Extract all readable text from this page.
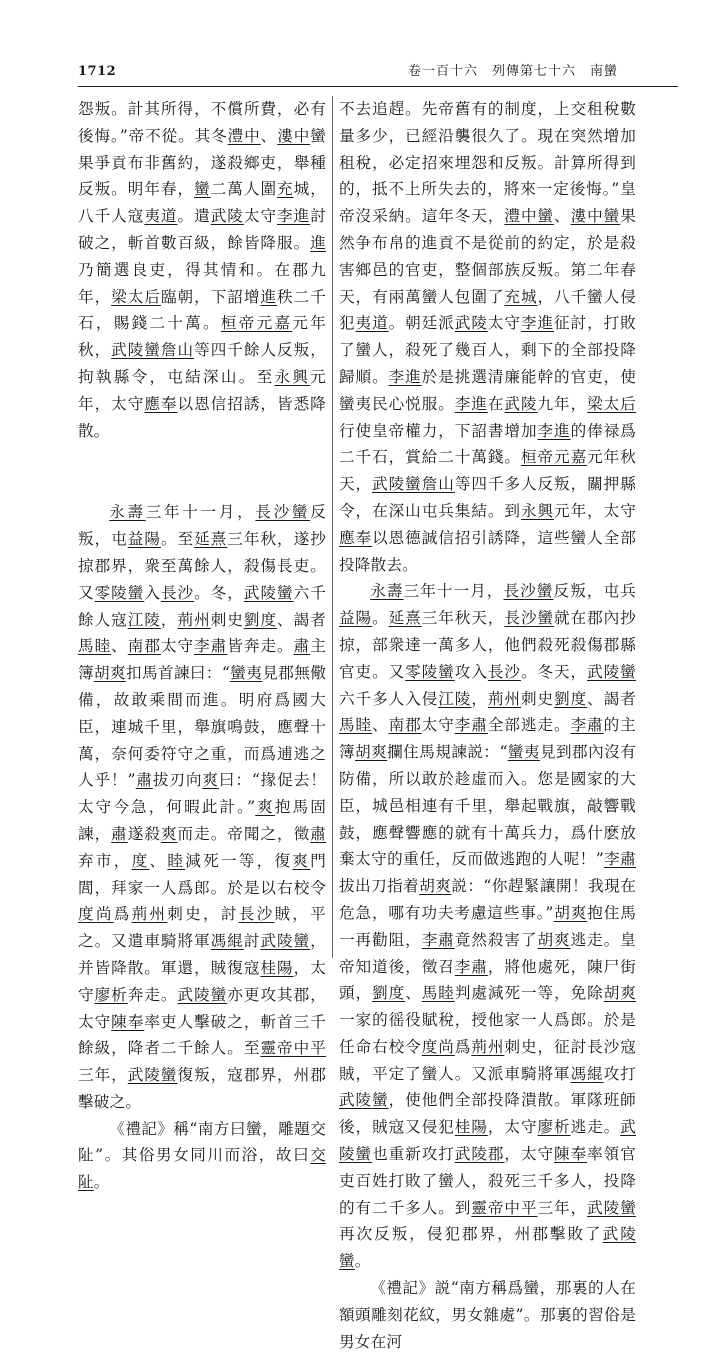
1712	卷一百十六　列傳第七十六　南蠻

怨叛。計其所得，不償所費，必有後悔。”帝不從。其冬澧中、漊中蠻果爭貢布非舊約，遂殺鄉吏，舉種反叛。明年春，蠻二萬人圍充城，八千人寇夷道。遣武陵太守李進討破之，斬首數百級，餘皆降服。進乃簡選良吏，得其情和。在郡九年，梁太后臨朝，下詔增進秩二千石，賜錢二十萬。桓帝元嘉元年秋，武陵蠻詹山等四千餘人反叛，拘執縣令，屯結深山。至永興元年，太守應奉以恩信招誘，皆悉降散。

永壽三年十一月，長沙蠻反叛，屯益陽。至延熹三年秋，遂抄掠郡界，衆至萬餘人，殺傷長吏。又零陵蠻入長沙。冬，武陵蠻六千餘人寇江陵，荊州刺史劉度、謁者馬睦、南郡太守李肅皆奔走。肅主簿胡爽扣馬首諫曰：“蠻夷見郡無儆備，故敢乘間而進。明府爲國大臣，連城千里，舉旗鳴鼓，應聲十萬，奈何委符守之重，而爲逋逃之人乎！”肅拔刃向爽曰：“掾促去！太守今急，何暇此計。”爽抱馬固諫，肅遂殺爽而走。帝聞之，徵肅弃市，度、睦減死一等，復爽門閭，拜家一人爲郎。於是以右校令度尚爲荊州刺史，討長沙賊，平之。又遣車騎將軍馮緄討武陵蠻，并皆降散。軍還，賊復寇桂陽，太守廖析奔走。武陵蠻亦更攻其郡，太守陳奉率吏人擊破之，斬首三千餘級，降者二千餘人。至靈帝中平三年，武陵蠻復叛，寇郡界，州郡擊破之。

《禮記》稱“南方曰蠻，雕題交阯”。其俗男女同川而浴，故曰交阯。

不去追趕。先帝舊有的制度，上交租稅數量多少，已經沿襲很久了。現在突然增加租稅，必定招來埋怨和反叛。計算所得到的，抵不上所失去的，將來一定後悔。”皇帝沒采納。這年冬天，澧中蠻、漊中蠻果然争布帛的進貢不是從前的約定，於是殺害鄉邑的官吏，整個部族反叛。第二年春天，有兩萬蠻人包圍了充城，八千蠻人侵犯夷道。朝廷派武陵太守李進征討，打敗了蠻人，殺死了幾百人，剩下的全部投降歸順。李進於是挑選清廉能幹的官吏，使蠻夷民心悦服。李進在武陵九年，梁太后行使皇帝權力，下詔書增加李進的俸禄爲二千石，賞給二十萬錢。桓帝元嘉元年秋天，武陵蠻詹山等四千多人反叛，關押縣令，在深山屯兵集結。到永興元年，太守應奉以恩德誠信招引誘降，這些蠻人全部投降散去。

永壽三年十一月，長沙蠻反叛，屯兵益陽。延熹三年秋天，長沙蠻就在郡內抄掠，部衆達一萬多人，他們殺死殺傷郡縣官吏。又零陵蠻攻入長沙。冬天，武陵蠻六千多人入侵江陵，荊州刺史劉度、謁者馬睦、南郡太守李肅全部逃走。李肅的主簿胡爽攔住馬規諫説：“蠻夷見到郡內沒有防備，所以敢於趁虛而入。您是國家的大臣，城邑相連有千里，舉起戰旗，敲響戰鼓，應聲響應的就有十萬兵力，爲什麽放棄太守的重任，反而做逃跑的人呢！”李肅拔出刀指着胡爽説：“你趕緊讓開！我現在危急，哪有功夫考慮這些事。”胡爽抱住馬一再勸阻，李肅竟然殺害了胡爽逃走。皇帝知道後，徵召李肅，將他處死，陳尸街頭，劉度、馬睦判處減死一等，免除胡爽一家的徭役賦稅，授他家一人爲郎。於是任命右校令度尚爲荊州刺史，征討長沙寇賊，平定了蠻人。又派車騎將軍馮緄攻打武陵蠻，使他們全部投降潰散。軍隊班師後，賊寇又侵犯桂陽，太守廖析逃走。武陵蠻也重新攻打武陵郡，太守陳奉率領官吏百姓打敗了蠻人，殺死三千多人，投降的有二千多人。到靈帝中平三年，武陵蠻再次反叛，侵犯郡界，州郡擊敗了武陵蠻。

《禮記》説“南方稱爲蠻，那裏的人在額頭雕刻花紋，男女雜處”。那裏的習俗是男女在河
